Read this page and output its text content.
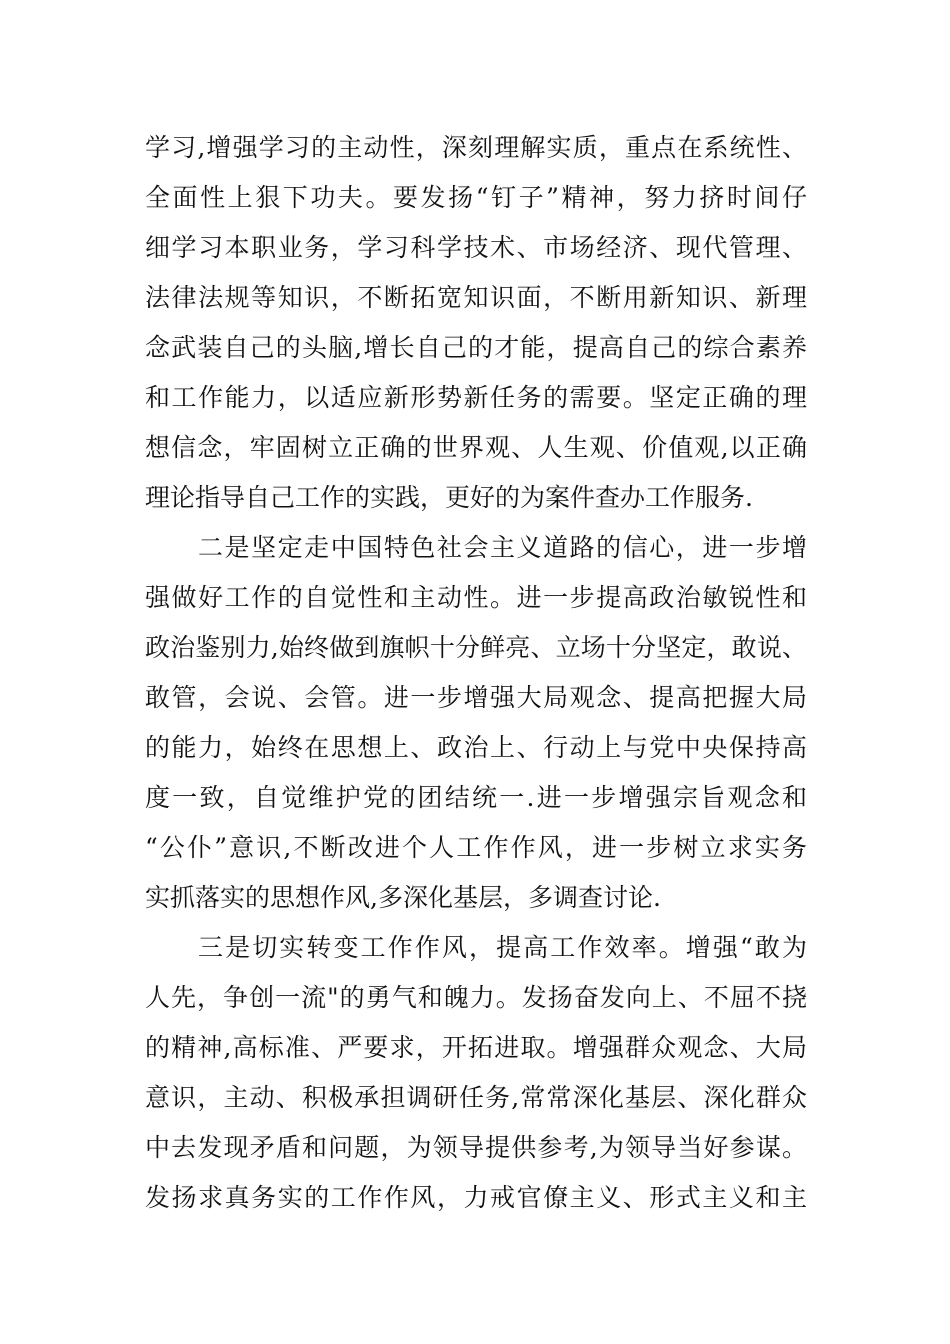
学习,增强学习的主动性，深刻理解实质，重点在系统性、
全面性上狠下功夫。要发扬“钉子”精神，努力挤时间仔
细学习本职业务，学习科学技术、市场经济、现代管理、
法律法规等知识，不断拓宽知识面，不断用新知识、新理
念武装自己的头脑,增长自己的才能，提高自己的综合素养
和工作能力，以适应新形势新任务的需要。坚定正确的理
想信念，牢固树立正确的世界观、人生观、价值观,以正确
理论指导自己工作的实践，更好的为案件查办工作服务.
二是坚定走中国特色社会主义道路的信心，进一步增
强做好工作的自觉性和主动性。进一步提高政治敏锐性和
政治鉴别力,始终做到旗帜十分鲜亮、立场十分坚定，敢说、
敢管，会说、会管。进一步增强大局观念、提高把握大局
的能力，始终在思想上、政治上、行动上与党中央保持高
度一致，自觉维护党的团结统一.进一步增强宗旨观念和
“公仆”意识,不断改进个人工作作风，进一步树立求实务
实抓落实的思想作风,多深化基层，多调查讨论.
三是切实转变工作作风，提高工作效率。增强“敢为
人先，争创一流"的勇气和魄力。发扬奋发向上、不屈不挠
的精神,高标准、严要求，开拓进取。增强群众观念、大局
意识，主动、积极承担调研任务,常常深化基层、深化群众
中去发现矛盾和问题，为领导提供参考,为领导当好参谋。
发扬求真务实的工作作风，力戒官僚主义、形式主义和主
